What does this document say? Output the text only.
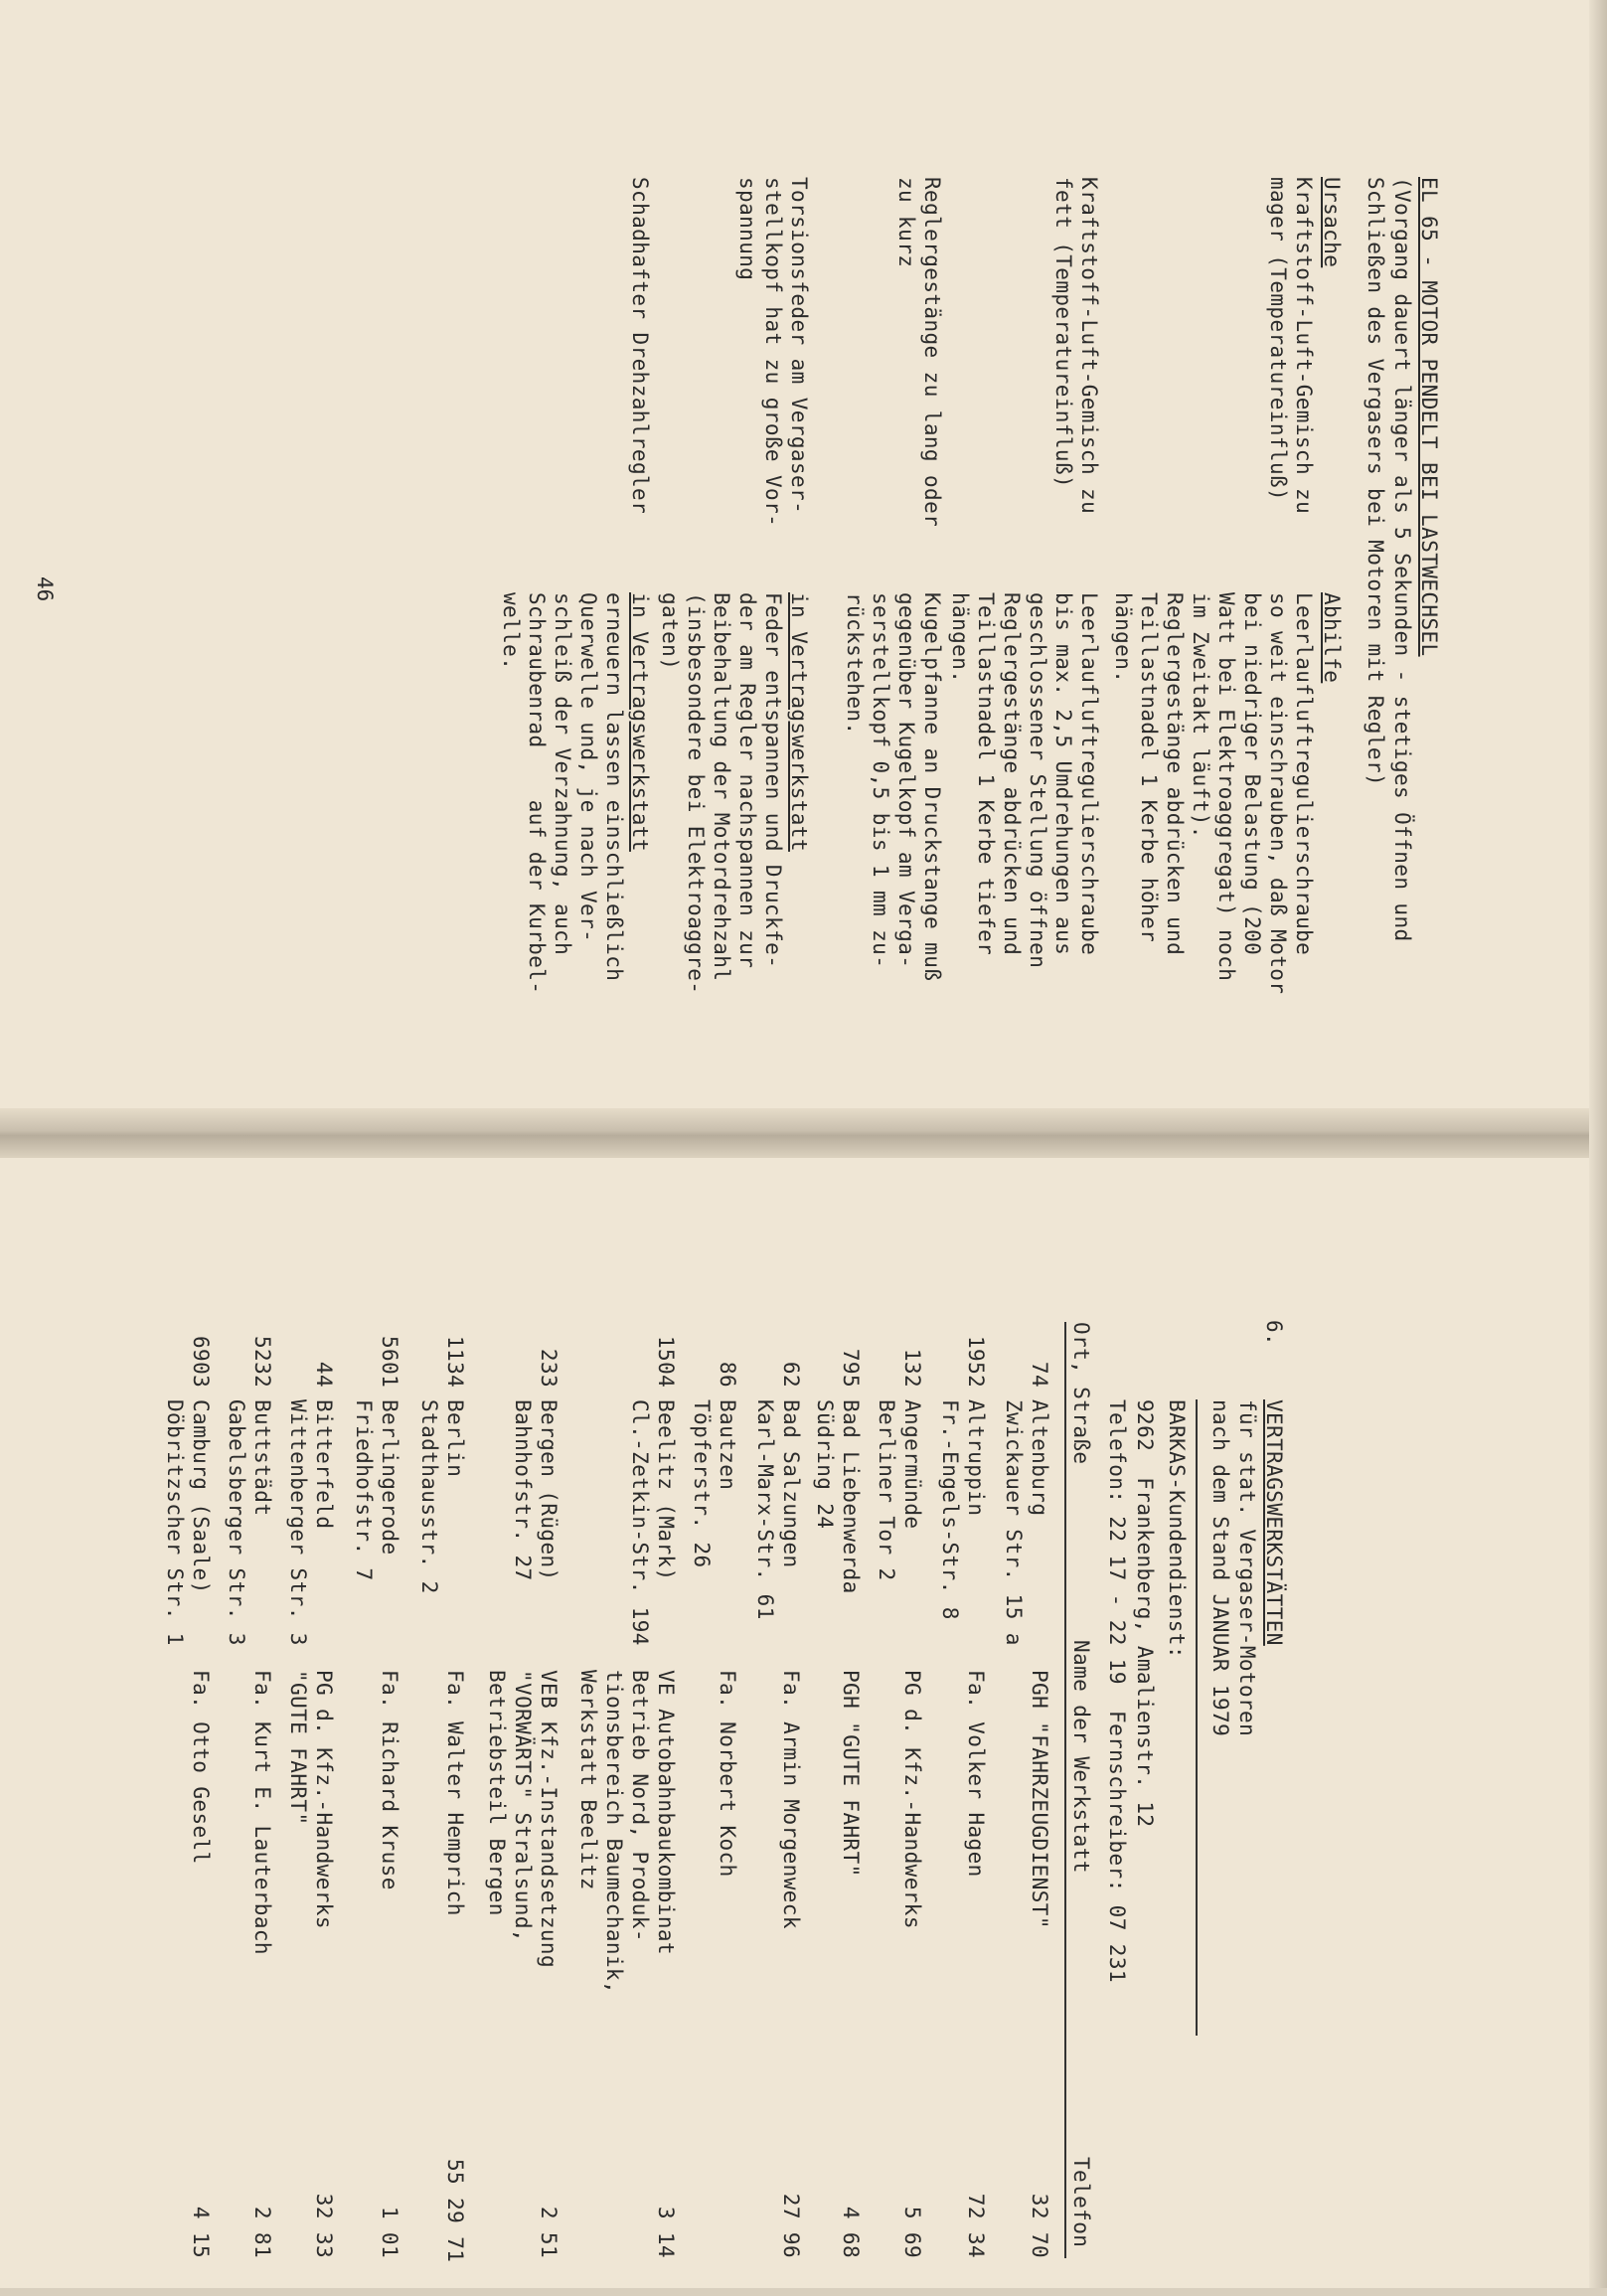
EL 65 - MOTOR PENDELT BEI LASTWECHSEL
(Vorgang dauert länger als 5 Sekunden - stetiges Öffnen und
Schließen des Vergasers bei Motoren mit Regler)
Ursache
Abhilfe
Kraftstoff-Luft-Gemisch zu
mager (Temperatureinfluß)
Leerlaufluftregulierschraube
so weit einschrauben, daß Motor
bei niedriger Belastung (200
Watt bei Elektroaggregat) noch
im Zweitakt läuft).
Reglergestänge abdrücken und
Teillastnadel 1 Kerbe höher
hängen.
Kraftstoff-Luft-Gemisch zu
fett (Temperatureinfluß)
Leerlaufluftregulierschraube
bis max. 2,5 Umdrehungen aus
geschlossener Stellung öffnen
Reglergestänge abdrücken und
Teillastnadel 1 Kerbe tiefer
hängen.
Reglergestänge zu lang oder
zu kurz
Kugelpfanne an Druckstange muß
gegenüber Kugelkopf am Verga-
serstellkopf 0,5 bis 1 mm zu-
rückstehen.
Torsionsfeder am Vergaser-
stellkopf hat zu große Vor-
spannung
in Vertragswerkstatt
Feder entspannen und Druckfe-
der am Regler nachspannen zur
Beibehaltung der Motordrehzahl
(insbesondere bei Elektroaggre-
gaten)
Schadhafter Drehzahlregler
in Vertragswerkstatt
erneuern lassen einschließlich
Querwelle und, je nach Ver-
schleiß der Verzahnung, auch
Schraubenrad    auf der Kurbel-
welle.
46
6.
VERTRAGSWERKSTÄTTEN
für stat. Vergaser-Motoren
nach dem Stand JANUAR 1979
BARKAS-Kundendienst:
9262  Frankenberg, Amalienstr. 12
Telefon: 22 17 - 22 19  Fernschreiber: 07 231
Ort, Straße
Name der Werkstatt
Telefon
74
Altenburg
Zwickauer Str. 15 a
PGH "FAHRZEUGDIENST"
32 70
1952
Altruppin
Fr.-Engels-Str. 8
Fa. Volker Hagen
72 34
132
Angermünde
Berliner Tor 2
PG d. Kfz.-Handwerks
5 69
795
Bad Liebenwerda
Südring 24
PGH "GUTE FAHRT"
4 68
62
Bad Salzungen
Karl-Marx-Str. 61
Fa. Armin Morgenweck
27 96
86
Bautzen
Töpferstr. 26
Fa. Norbert Koch
1504
Beelitz (Mark)
Cl.-Zetkin-Str. 194
VE Autobahnbaukombinat
Betrieb Nord, Produk-
tionsbereich Baumechanik,
Werkstatt Beelitz
3 14
233
Bergen (Rügen)
Bahnhofstr. 27
VEB Kfz.-Instandsetzung
"VORWÄRTS" Stralsund,
Betriebsteil Bergen
2 51
1134
Berlin
Stadthausstr. 2
Fa. Walter Hemprich
55 29 71
5601
Berlingerode
Friedhofstr. 7
Fa. Richard Kruse
1 01
44
Bitterfeld
Wittenberger Str. 3
PG d. Kfz.-Handwerks
"GUTE FAHRT"
32 33
5232
Buttstädt
Gabelsberger Str. 3
Fa. Kurt E. Lauterbach
2 81
6903
Camburg (Saale)
Döbritzscher Str. 1
Fa. Otto Gesell
4 15
